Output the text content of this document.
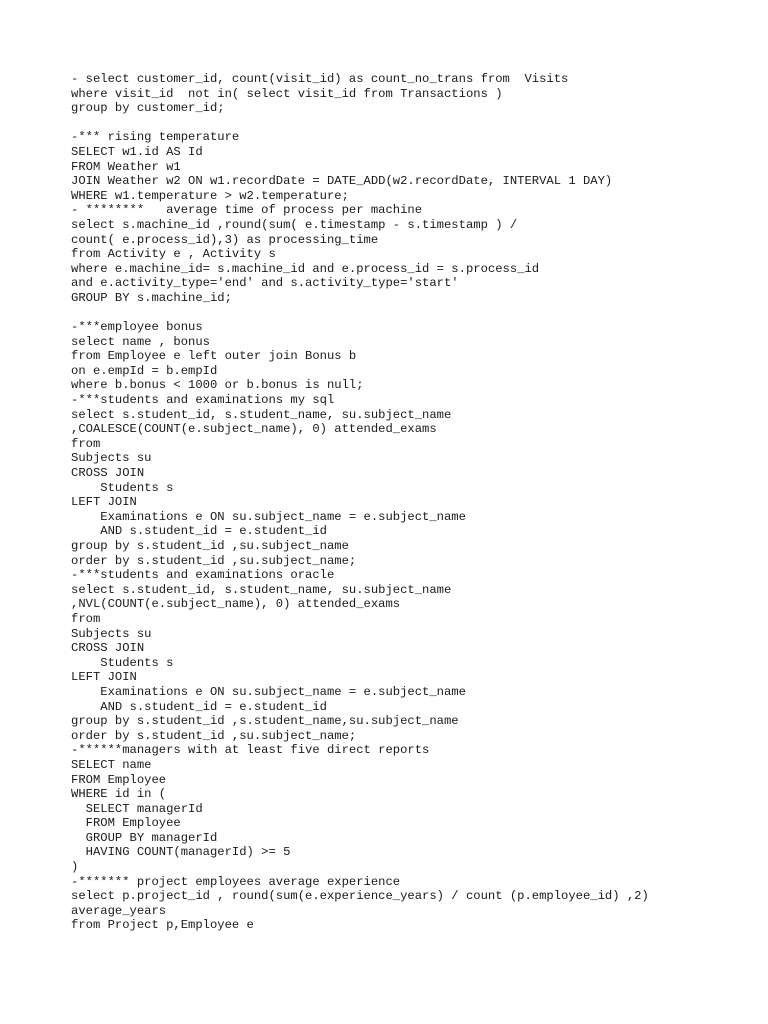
- select customer_id, count(visit_id) as count_no_trans from  Visits
where visit_id  not in( select visit_id from Transactions )
group by customer_id;
-*** rising temperature
SELECT w1.id AS Id
FROM Weather w1
JOIN Weather w2 ON w1.recordDate = DATE_ADD(w2.recordDate, INTERVAL 1 DAY)
WHERE w1.temperature > w2.temperature;
- ********   average time of process per machine
select s.machine_id ,round(sum( e.timestamp - s.timestamp ) /
count( e.process_id),3) as processing_time
from Activity e , Activity s
where e.machine_id= s.machine_id and e.process_id = s.process_id
and e.activity_type='end' and s.activity_type='start'
GROUP BY s.machine_id;
-***employee bonus
select name , bonus
from Employee e left outer join Bonus b
on e.empId = b.empId
where b.bonus < 1000 or b.bonus is null;
-***students and examinations my sql
select s.student_id, s.student_name, su.subject_name
,COALESCE(COUNT(e.subject_name), 0) attended_exams
from
Subjects su
CROSS JOIN
Students s
LEFT JOIN
Examinations e ON su.subject_name = e.subject_name
AND s.student_id = e.student_id
group by s.student_id ,su.subject_name
order by s.student_id ,su.subject_name;
-***students and examinations oracle
select s.student_id, s.student_name, su.subject_name
,NVL(COUNT(e.subject_name), 0) attended_exams
from
Subjects su
CROSS JOIN
Students s
LEFT JOIN
Examinations e ON su.subject_name = e.subject_name
AND s.student_id = e.student_id
group by s.student_id ,s.student_name,su.subject_name
order by s.student_id ,su.subject_name;
-******managers with at least five direct reports
SELECT name
FROM Employee
WHERE id in (
SELECT managerId
FROM Employee
GROUP BY managerId
HAVING COUNT(managerId) >= 5
)
-******* project employees average experience
select p.project_id , round(sum(e.experience_years) / count (p.employee_id) ,2)
average_years
from Project p,Employee e
